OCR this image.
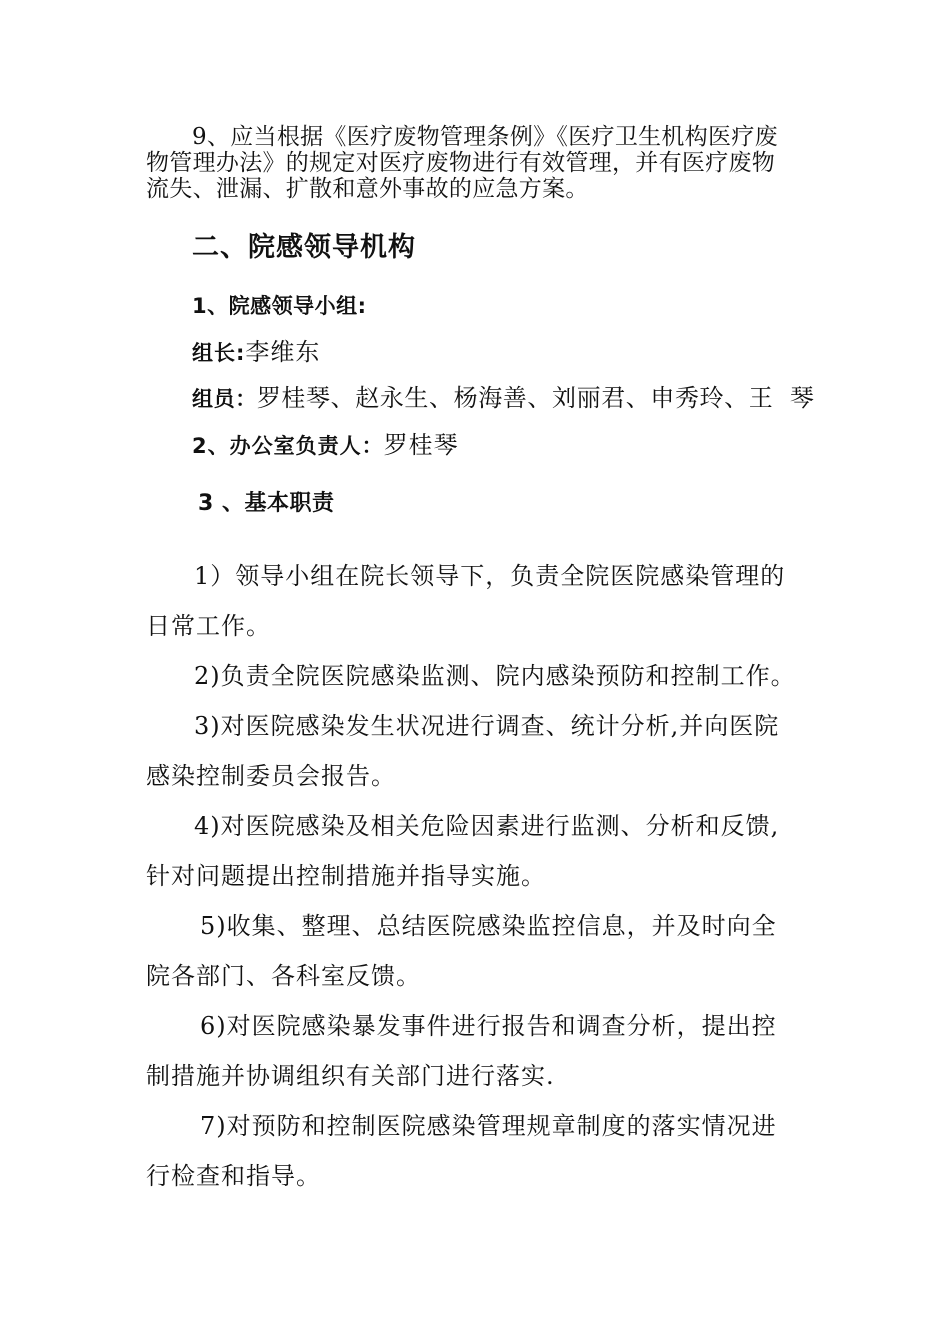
9、应当根据《医疗废物管理条例》《医疗卫生机构医疗废
物管理办法》的规定对医疗废物进行有效管理，并有医疗废物
流失、泄漏、扩散和意外事故的应急方案。
二、院感领导机构
1、院感领导小组:
组长:李维东
组员：罗桂琴、赵永生、杨海善、刘丽君、申秀玲、王  琴
2、办公室负责人：罗桂琴
3 、基本职责
1）领导小组在院长领导下，负责全院医院感染管理的
日常工作。
2)负责全院医院感染监测、院内感染预防和控制工作。
3)对医院感染发生状况进行调查、统计分析,并向医院
感染控制委员会报告。
4)对医院感染及相关危险因素进行监测、分析和反馈,
针对问题提出控制措施并指导实施。
5)收集、整理、总结医院感染监控信息，并及时向全
院各部门、各科室反馈。
6)对医院感染暴发事件进行报告和调查分析，提出控
制措施并协调组织有关部门进行落实.
7)对预防和控制医院感染管理规章制度的落实情况进
行检查和指导。
